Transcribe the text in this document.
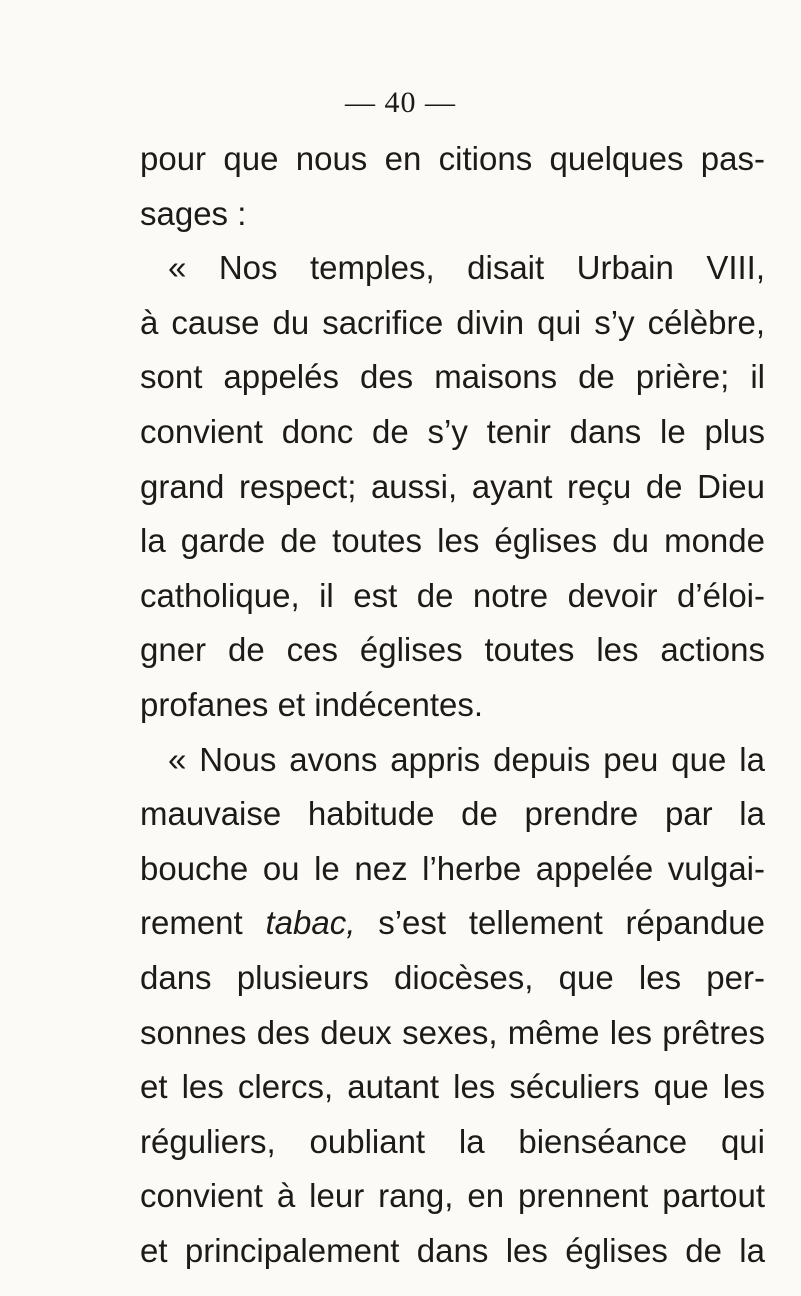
— 40 —
pour que nous en citions quelques pas-
sages :
« Nos temples, disait Urbain VIII,
à cause du sacrifice divin qui s’y célèbre,
sont appelés des maisons de prière; il
convient donc de s’y tenir dans le plus
grand respect; aussi, ayant reçu de Dieu
la garde de toutes les églises du monde
catholique, il est de notre devoir d’éloi-
gner de ces églises toutes les actions
profanes et indécentes.
« Nous avons appris depuis peu que la
mauvaise habitude de prendre par la
bouche ou le nez l’herbe appelée vulgai-
rement tabac, s’est tellement répandue
dans plusieurs diocèses, que les per-
sonnes des deux sexes, même les prêtres
et les clercs, autant les séculiers que les
réguliers, oubliant la bienséance qui
convient à leur rang, en prennent partout
et principalement dans les églises de la
